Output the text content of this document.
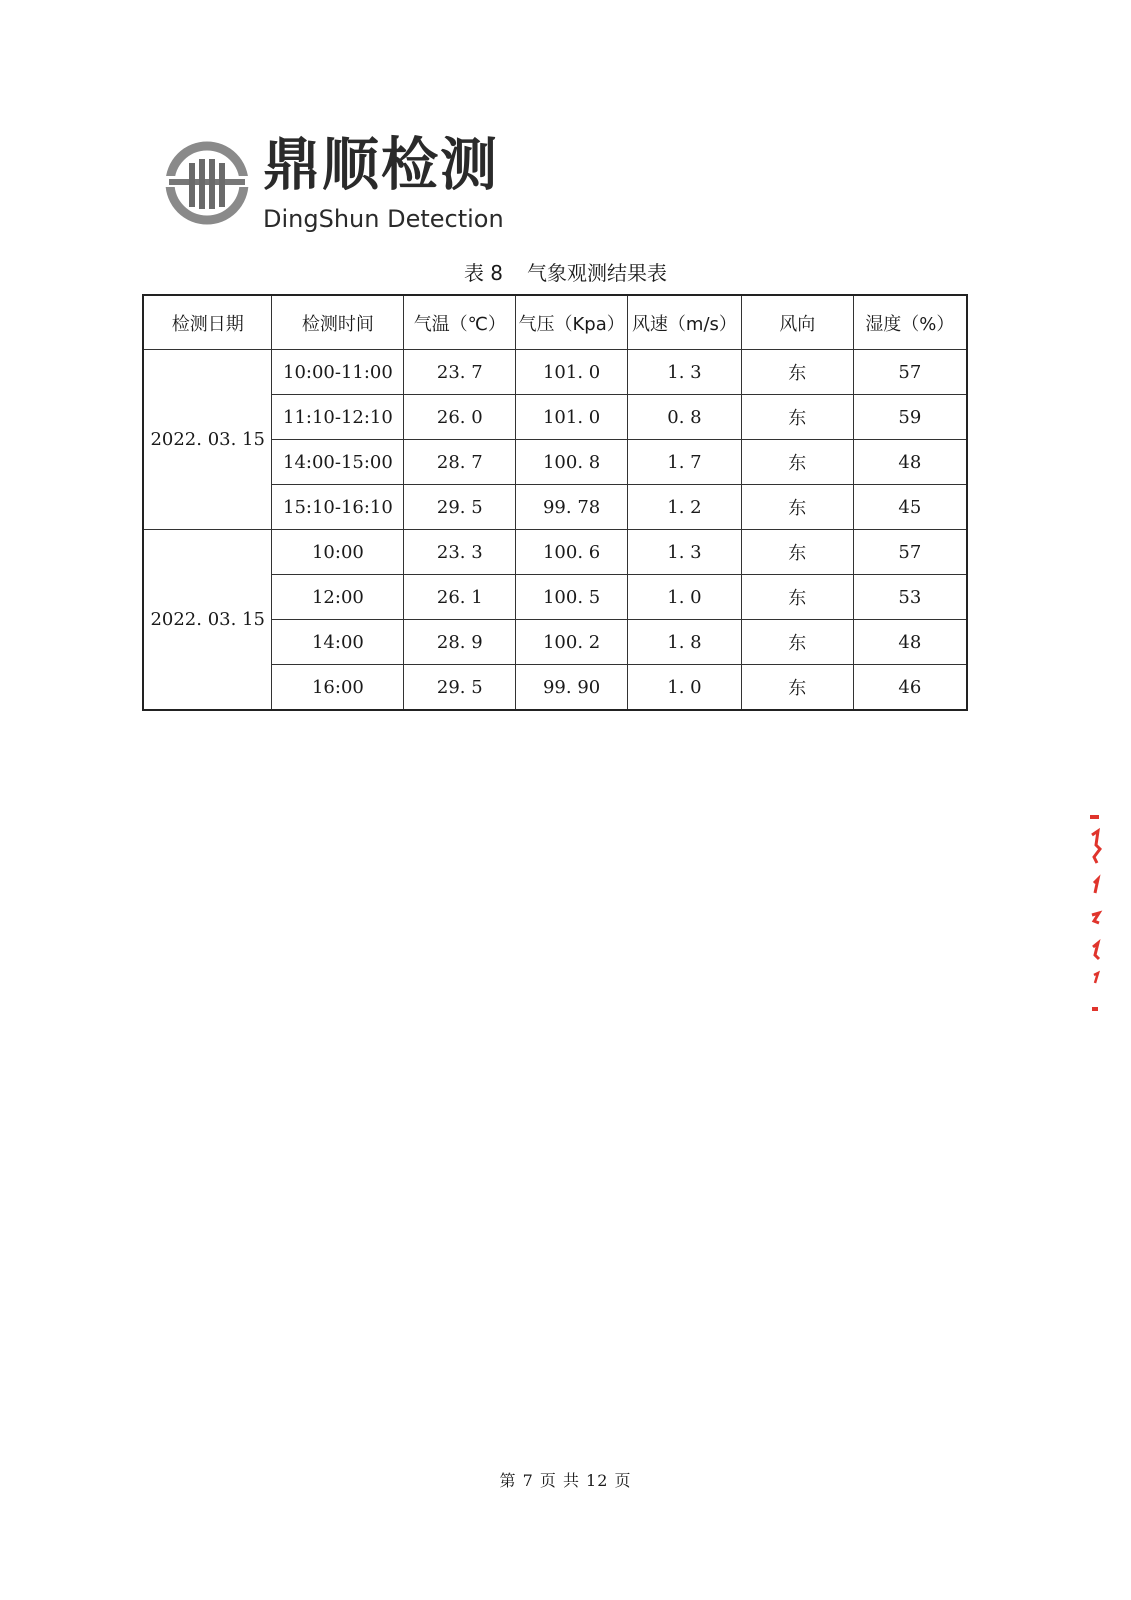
鼎顺检测
DingShun Detection
表 8 气象观测结果表
检测日期	检测时间	气温（℃）	气压（Kpa）	风速（m/s）	风向	湿度（%）
2022. 03. 15	10:00-11:00	23. 7	101. 0	1. 3	东	57
	11:10-12:10	26. 0	101. 0	0. 8	东	59
	14:00-15:00	28. 7	100. 8	1. 7	东	48
	15:10-16:10	29. 5	99. 78	1. 2	东	45
2022. 03. 15	10:00	23. 3	100. 6	1. 3	东	57
	12:00	26. 1	100. 5	1. 0	东	53
	14:00	28. 9	100. 2	1. 8	东	48
	16:00	29. 5	99. 90	1. 0	东	46
第 7 页 共 12 页
